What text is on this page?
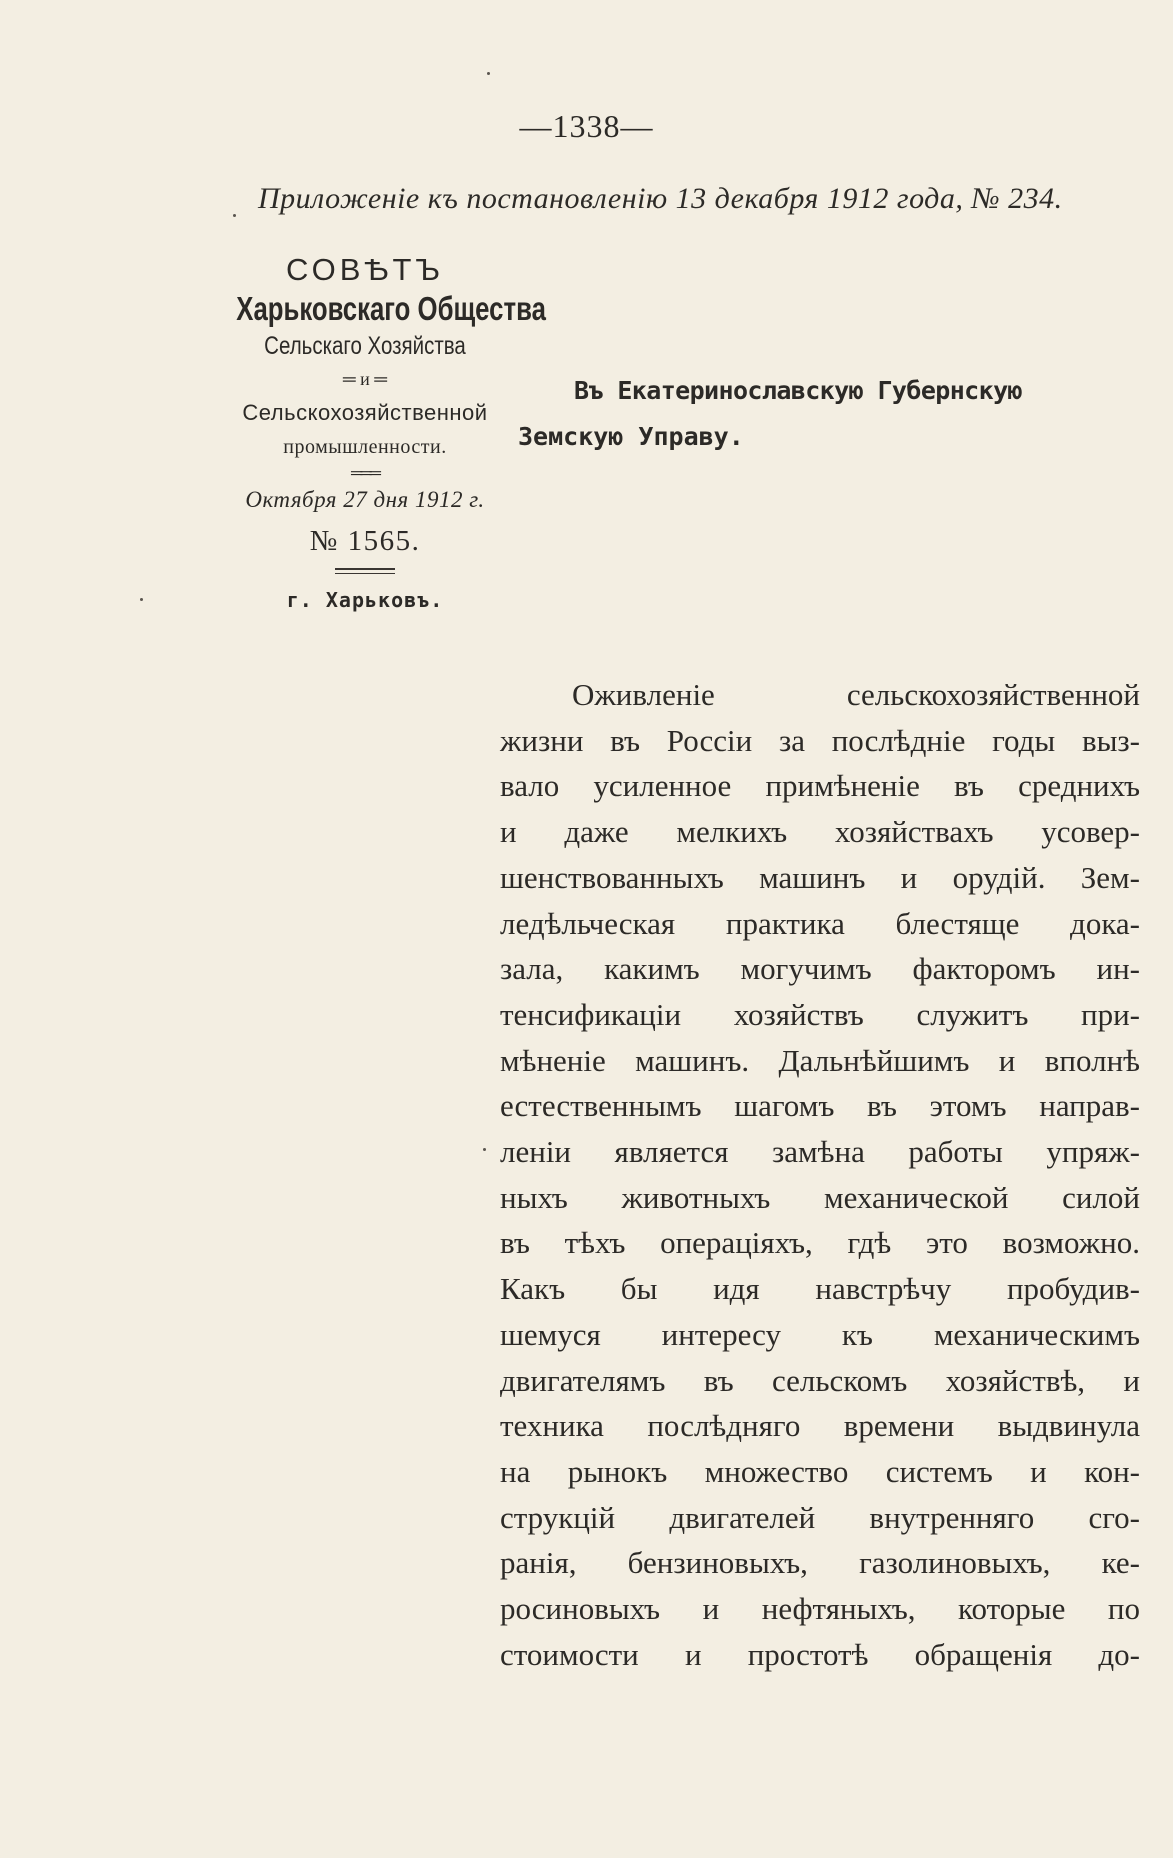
—1338—
Приложенiе къ постановленiю 13 декабря 1912 года, № 234.
СОВѢТЪ
Харьковскаго Общества
Сельскаго Хозяйства
═ и ═
Сельскохозяйственной
промышленности.
═══
Октября 27 дня 1912 г.
№ 1565.
г. Харьковъ.
Въ Екатеринославскую Губернскую
Земскую Управу.
Оживленiе сельскохозяйственной
жизни въ Россiи за послѣднiе годы выз-
вало усиленное примѣненiе въ среднихъ
и даже мелкихъ хозяйствахъ усовер-
шенствованныхъ машинъ и орудiй. Зем-
ледѣльческая практика блестяще дока-
зала, какимъ могучимъ факторомъ ин-
тенсификацiи хозяйствъ служитъ при-
мѣненiе машинъ. Дальнѣйшимъ и вполнѣ
естественнымъ шагомъ въ этомъ направ-
ленiи является замѣна работы упряж-
ныхъ животныхъ механической силой
въ тѣхъ операцiяхъ, гдѣ это возможно.
Какъ бы идя навстрѣчу пробудив-
шемуся интересу къ механическимъ
двигателямъ въ сельскомъ хозяйствѣ, и
техника послѣдняго времени выдвинула
на рынокъ множество системъ и кон-
струкцiй двигателей внутренняго сго-
ранiя, бензиновыхъ, газолиновыхъ, ке-
росиновыхъ и нефтяныхъ, которые по
стоимости и простотѣ обращенiя до-
